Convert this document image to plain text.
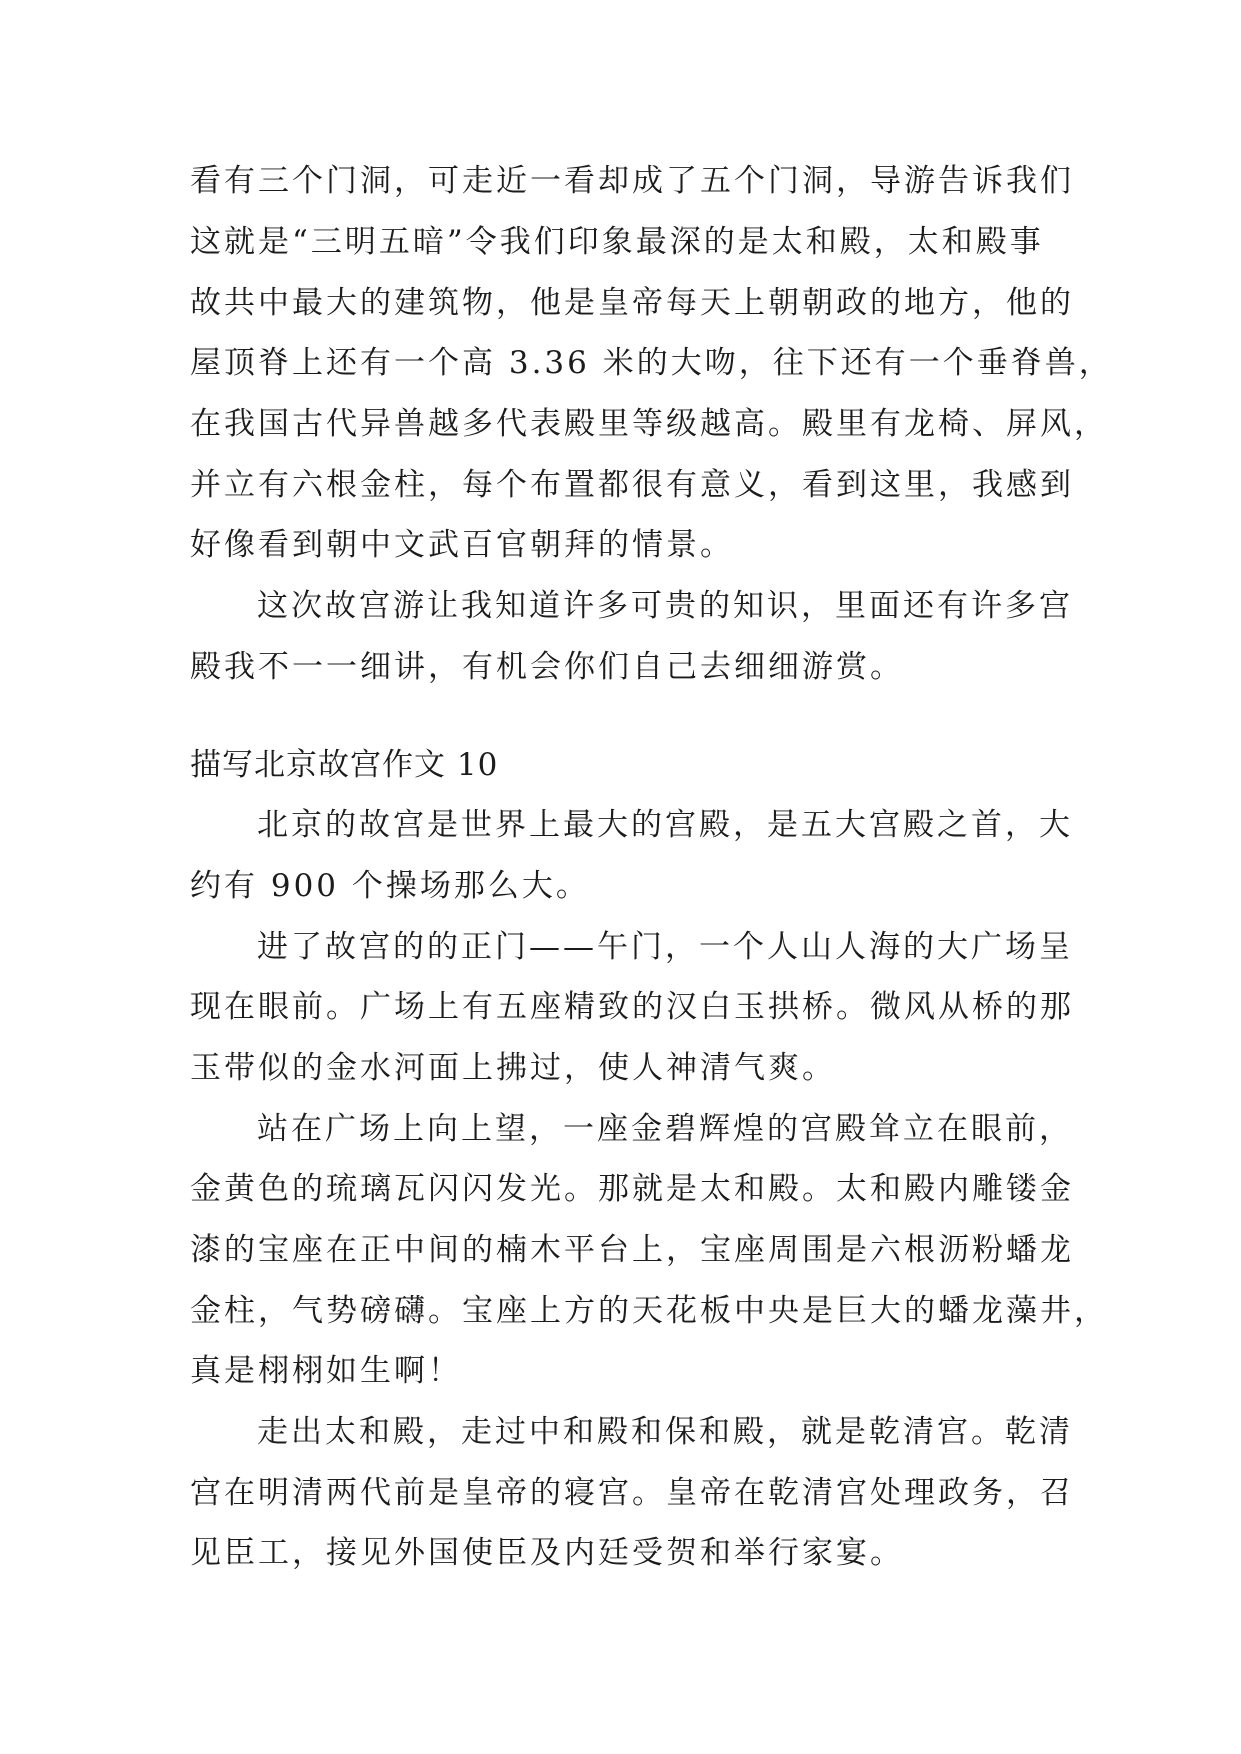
看有三个门洞，可走近一看却成了五个门洞，导游告诉我们
这就是“三明五暗”令我们印象最深的是太和殿，太和殿事
故共中最大的建筑物，他是皇帝每天上朝朝政的地方，他的
屋顶脊上还有一个高 3.36 米的大吻，往下还有一个垂脊兽，
在我国古代异兽越多代表殿里等级越高。殿里有龙椅、屏风，
并立有六根金柱，每个布置都很有意义，看到这里，我感到
好像看到朝中文武百官朝拜的情景。
这次故宫游让我知道许多可贵的知识，里面还有许多宫
殿我不一一细讲，有机会你们自己去细细游赏。
描写北京故宫作文 10
北京的故宫是世界上最大的宫殿，是五大宫殿之首，大
约有 900 个操场那么大。
进了故宫的的正门——午门，一个人山人海的大广场呈
现在眼前。广场上有五座精致的汉白玉拱桥。微风从桥的那
玉带似的金水河面上拂过，使人神清气爽。
站在广场上向上望，一座金碧辉煌的宫殿耸立在眼前，
金黄色的琉璃瓦闪闪发光。那就是太和殿。太和殿内雕镂金
漆的宝座在正中间的楠木平台上，宝座周围是六根沥粉蟠龙
金柱，气势磅礴。宝座上方的天花板中央是巨大的蟠龙藻井，
真是栩栩如生啊！
走出太和殿，走过中和殿和保和殿，就是乾清宫。乾清
宫在明清两代前是皇帝的寝宫。皇帝在乾清宫处理政务，召
见臣工，接见外国使臣及内廷受贺和举行家宴。
